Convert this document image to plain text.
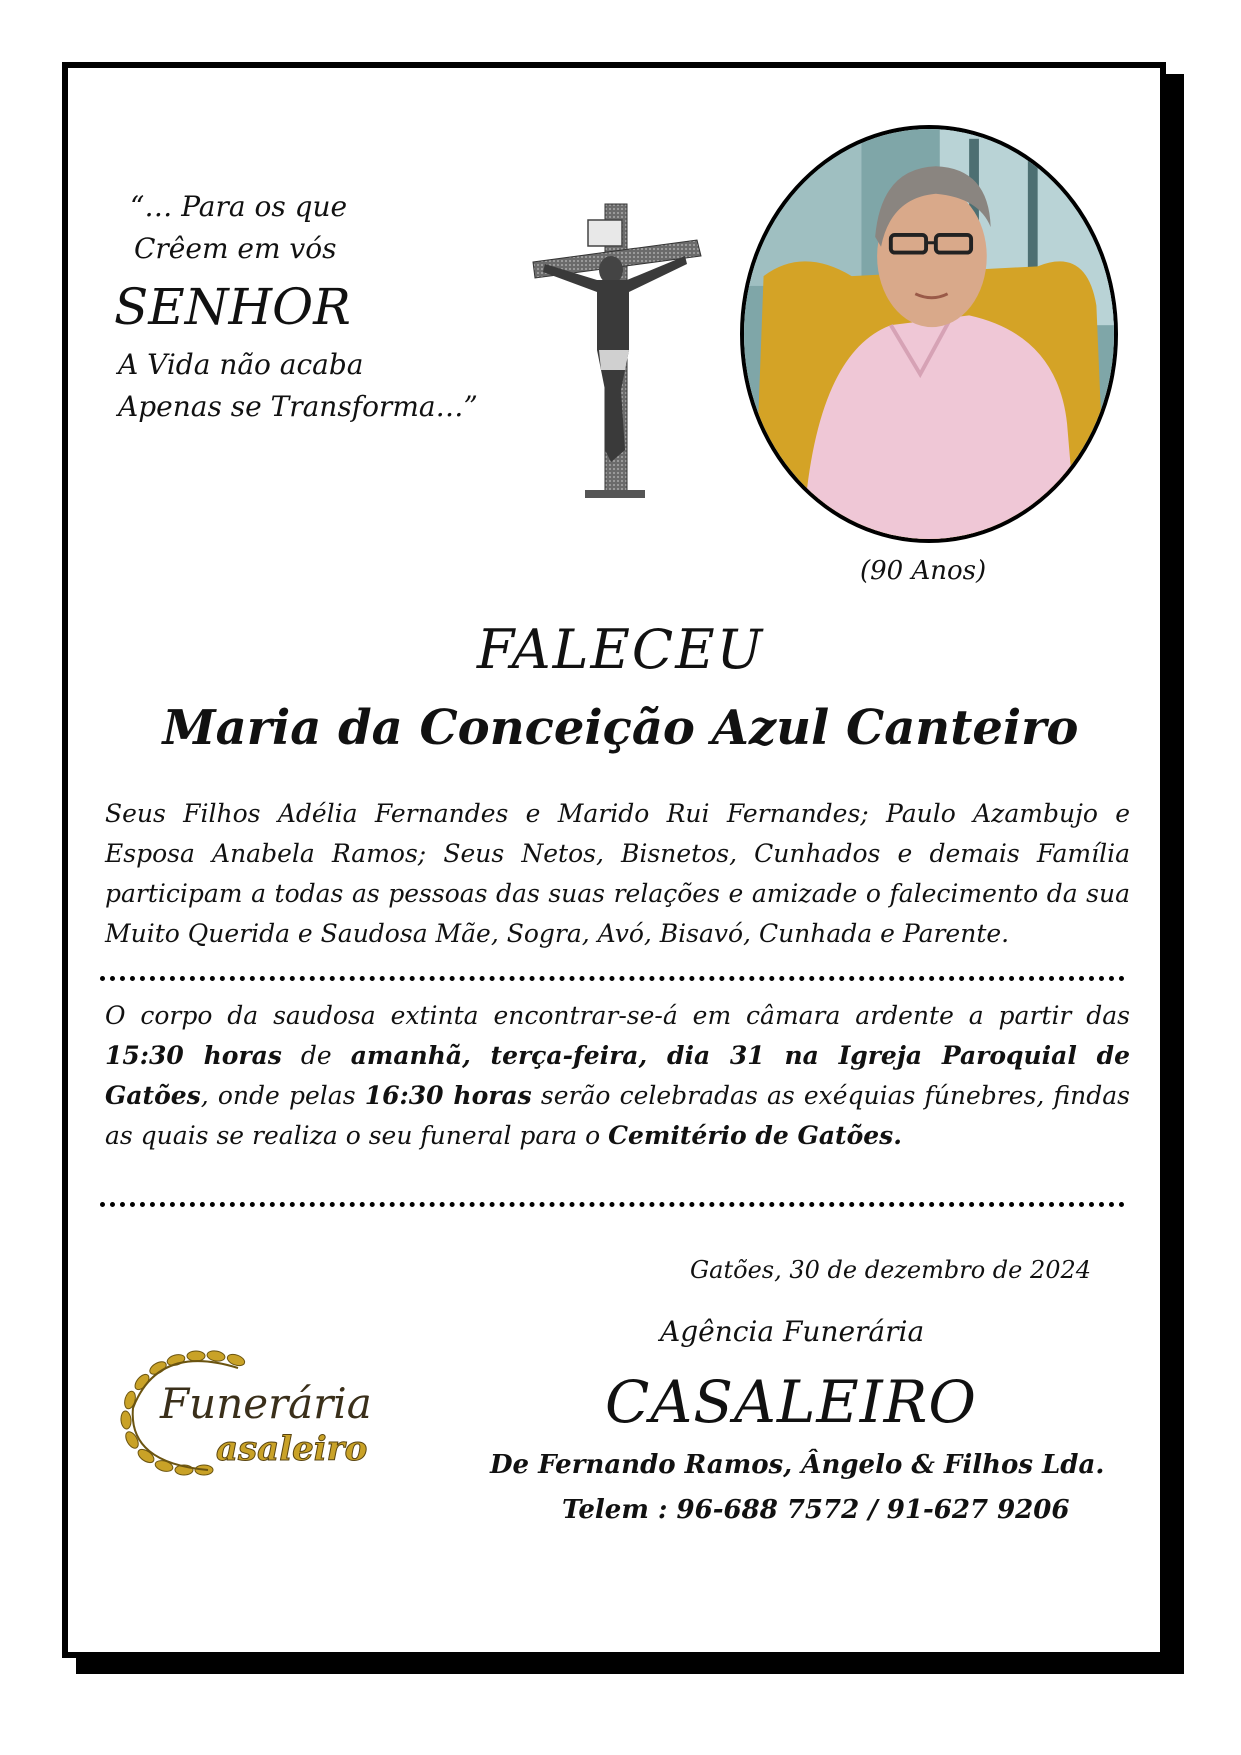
“… Para os que
Crêem em vós
SENHOR
A Vida não acaba
Apenas se Transforma…”
(90 Anos)
FALECEU
Maria da Conceição Azul Canteiro
Seus Filhos Adélia Fernandes e Marido Rui Fernandes; Paulo Azambujo e Esposa Anabela Ramos; Seus Netos, Bisnetos, Cunhados e demais Família participam a todas as pessoas das suas relações e amizade o falecimento da sua Muito Querida e Saudosa Mãe, Sogra, Avó, Bisavó, Cunhada e Parente.
O corpo da saudosa extinta encontrar-se-á em câmara ardente a partir das 15:30 horas de amanhã, terça-feira, dia 31 na Igreja Paroquial de Gatões, onde pelas 16:30 horas serão celebradas as exéquias fúnebres, findas as quais se realiza o seu funeral para o Cemitério de Gatões.
Gatões, 30 de dezembro de 2024
Funerária
asaleiro
Agência Funerária
CASALEIRO
De Fernando Ramos, Ângelo & Filhos Lda.
Telem : 96-688 7572 / 91-627 9206
